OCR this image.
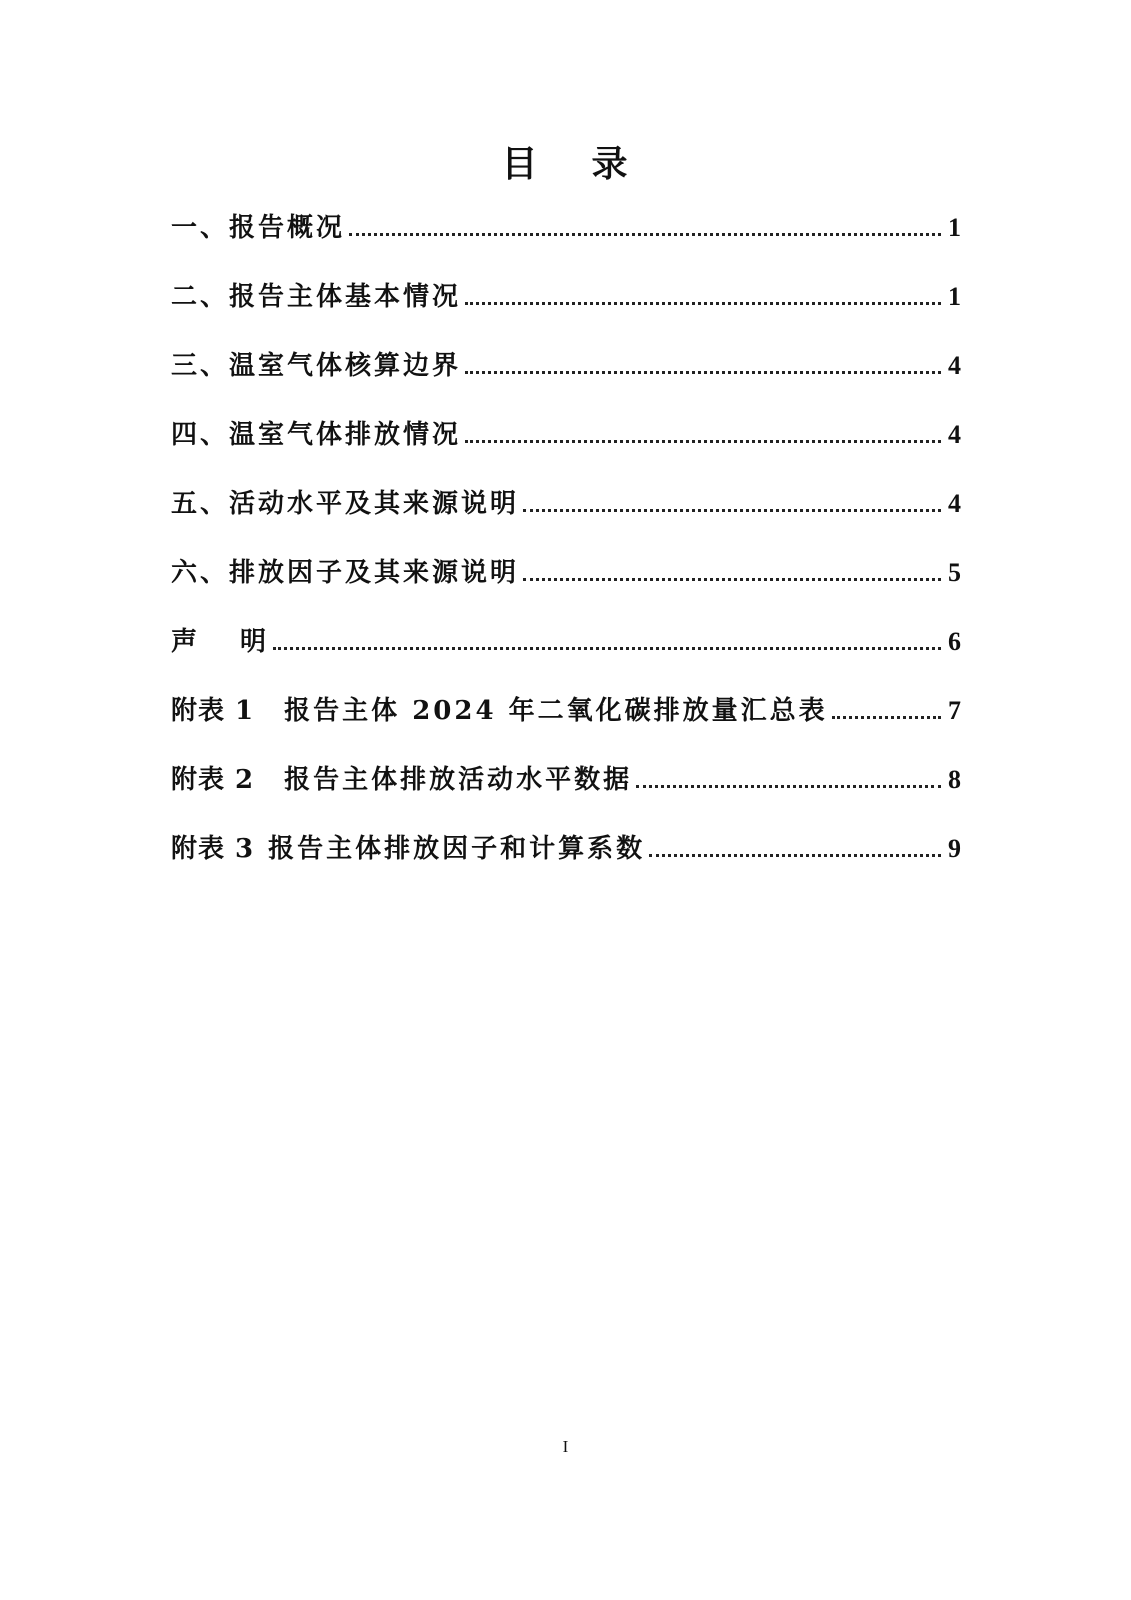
目 录
一、报告概况	1
二、报告主体基本情况	1
三、温室气体核算边界	4
四、温室气体排放情况	4
五、活动水平及其来源说明	4
六、排放因子及其来源说明	5
声 明	6
附表 1 报告主体 2024 年二氧化碳排放量汇总表	7
附表 2 报告主体排放活动水平数据	8
附表 3 报告主体排放因子和计算系数	9
I
